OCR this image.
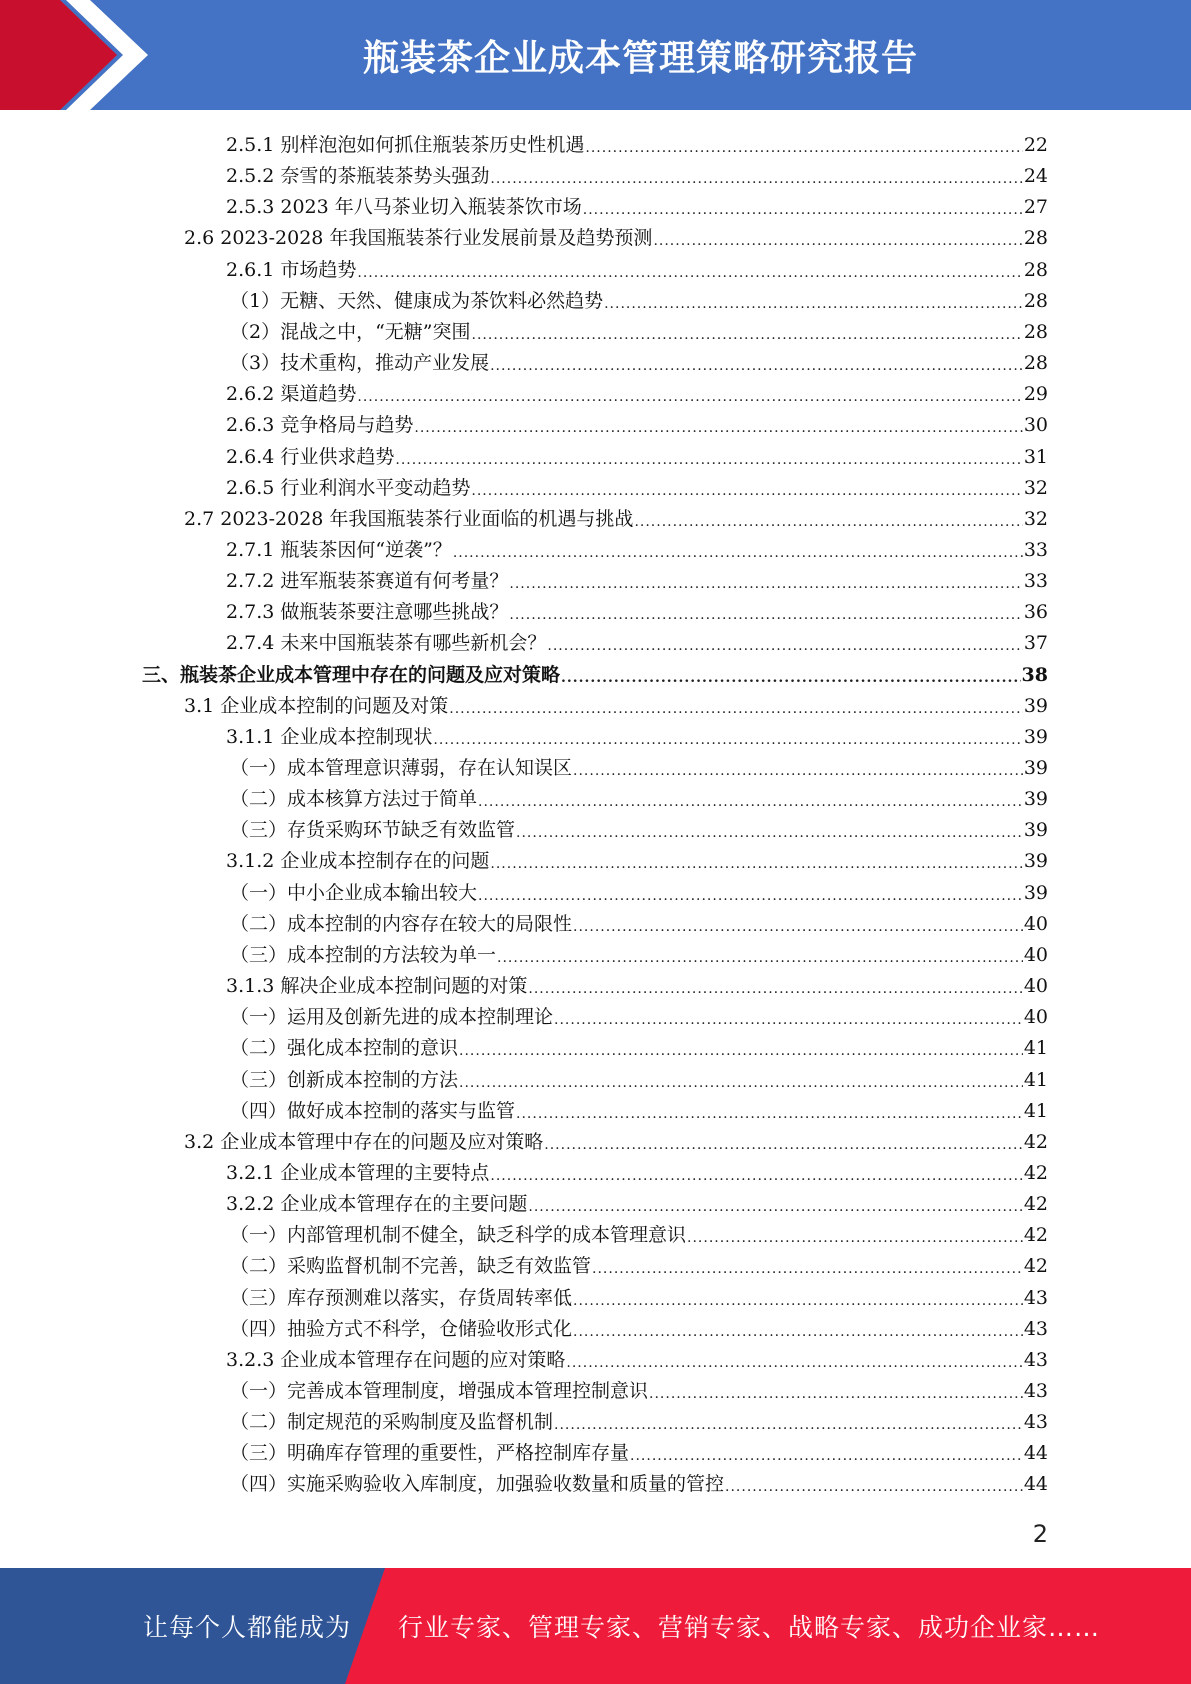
瓶装茶企业成本管理策略研究报告
2.5.1 别样泡泡如何抓住瓶装茶历史性机遇 .....	22
2.5.2 奈雪的茶瓶装茶势头强劲 .....	24
2.5.3 2023 年八马茶业切入瓶装茶饮市场 .....	27
2.6 2023-2028 年我国瓶装茶行业发展前景及趋势预测 .....	28
2.6.1 市场趋势 .....	28
（1）无糖、天然、健康成为茶饮料必然趋势 .....	28
（2）混战之中，“无糖”突围 .....	28
（3）技术重构，推动产业发展 .....	28
2.6.2 渠道趋势 .....	29
2.6.3 竞争格局与趋势 .....	30
2.6.4 行业供求趋势 .....	31
2.6.5 行业利润水平变动趋势 .....	32
2.7 2023-2028 年我国瓶装茶行业面临的机遇与挑战 .....	32
2.7.1 瓶装茶因何“逆袭”？ .....	33
2.7.2 进军瓶装茶赛道有何考量？ .....	33
2.7.3 做瓶装茶要注意哪些挑战？ .....	36
2.7.4 未来中国瓶装茶有哪些新机会？ .....	37
三、瓶装茶企业成本管理中存在的问题及应对策略 .....	38
3.1 企业成本控制的问题及对策 .....	39
3.1.1 企业成本控制现状 .....	39
（一）成本管理意识薄弱，存在认知误区 .....	39
（二）成本核算方法过于简单 .....	39
（三）存货采购环节缺乏有效监管 .....	39
3.1.2 企业成本控制存在的问题 .....	39
（一）中小企业成本输出较大 .....	39
（二）成本控制的内容存在较大的局限性 .....	40
（三）成本控制的方法较为单一 .....	40
3.1.3 解决企业成本控制问题的对策 .....	40
（一）运用及创新先进的成本控制理论 .....	40
（二）强化成本控制的意识 .....	41
（三）创新成本控制的方法 .....	41
（四）做好成本控制的落实与监管 .....	41
3.2 企业成本管理中存在的问题及应对策略 .....	42
3.2.1 企业成本管理的主要特点 .....	42
3.2.2 企业成本管理存在的主要问题 .....	42
（一）内部管理机制不健全，缺乏科学的成本管理意识 .....	42
（二）采购监督机制不完善，缺乏有效监管 .....	42
（三）库存预测难以落实，存货周转率低 .....	43
（四）抽验方式不科学，仓储验收形式化 .....	43
3.2.3 企业成本管理存在问题的应对策略 .....	43
（一）完善成本管理制度，增强成本管理控制意识 .....	43
（二）制定规范的采购制度及监督机制 .....	43
（三）明确库存管理的重要性，严格控制库存量 .....	44
（四）实施采购验收入库制度，加强验收数量和质量的管控 .....	44
2
让每个人都能成为 行业专家、管理专家、营销专家、战略专家、成功企业家……
